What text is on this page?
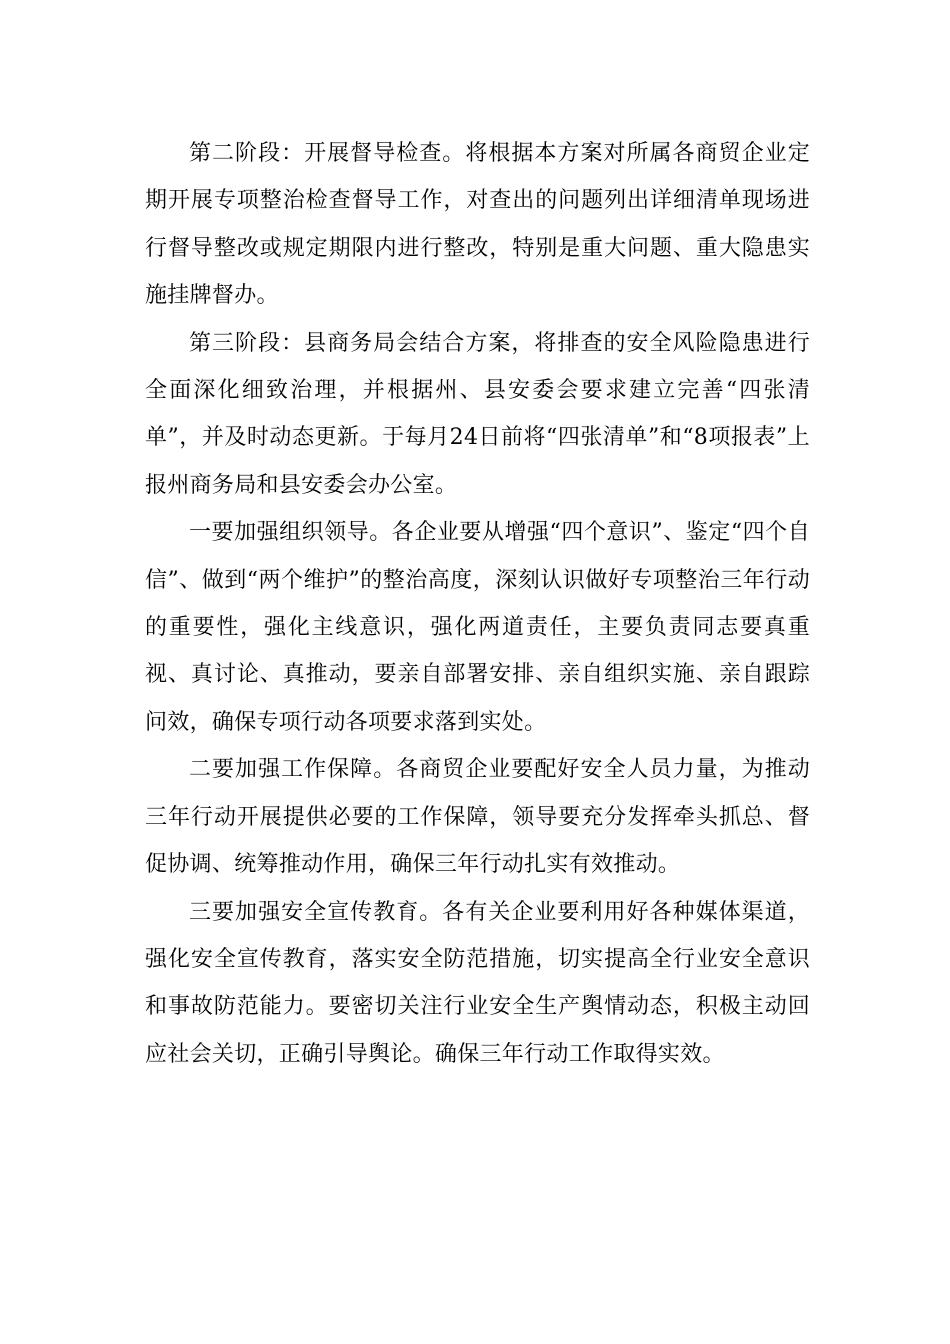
第二阶段：开展督导检查。将根据本方案对所属各商贸企业定期开展专项整治检查督导工作，对查出的问题列出详细清单现场进行督导整改或规定期限内进行整改，特别是重大问题、重大隐患实施挂牌督办。

第三阶段：县商务局会结合方案，将排查的安全风险隐患进行全面深化细致治理，并根据州、县安委会要求建立完善“四张清单”，并及时动态更新。于每月24日前将“四张清单”和“8项报表”上报州商务局和县安委会办公室。

一要加强组织领导。各企业要从增强“四个意识”、鉴定“四个自信”、做到“两个维护”的整治高度，深刻认识做好专项整治三年行动的重要性，强化主线意识，强化两道责任，主要负责同志要真重视、真讨论、真推动，要亲自部署安排、亲自组织实施、亲自跟踪问效，确保专项行动各项要求落到实处。

二要加强工作保障。各商贸企业要配好安全人员力量，为推动三年行动开展提供必要的工作保障，领导要充分发挥牵头抓总、督促协调、统筹推动作用，确保三年行动扎实有效推动。

三要加强安全宣传教育。各有关企业要利用好各种媒体渠道，强化安全宣传教育，落实安全防范措施，切实提高全行业安全意识和事故防范能力。要密切关注行业安全生产舆情动态，积极主动回应社会关切，正确引导舆论。确保三年行动工作取得实效。
